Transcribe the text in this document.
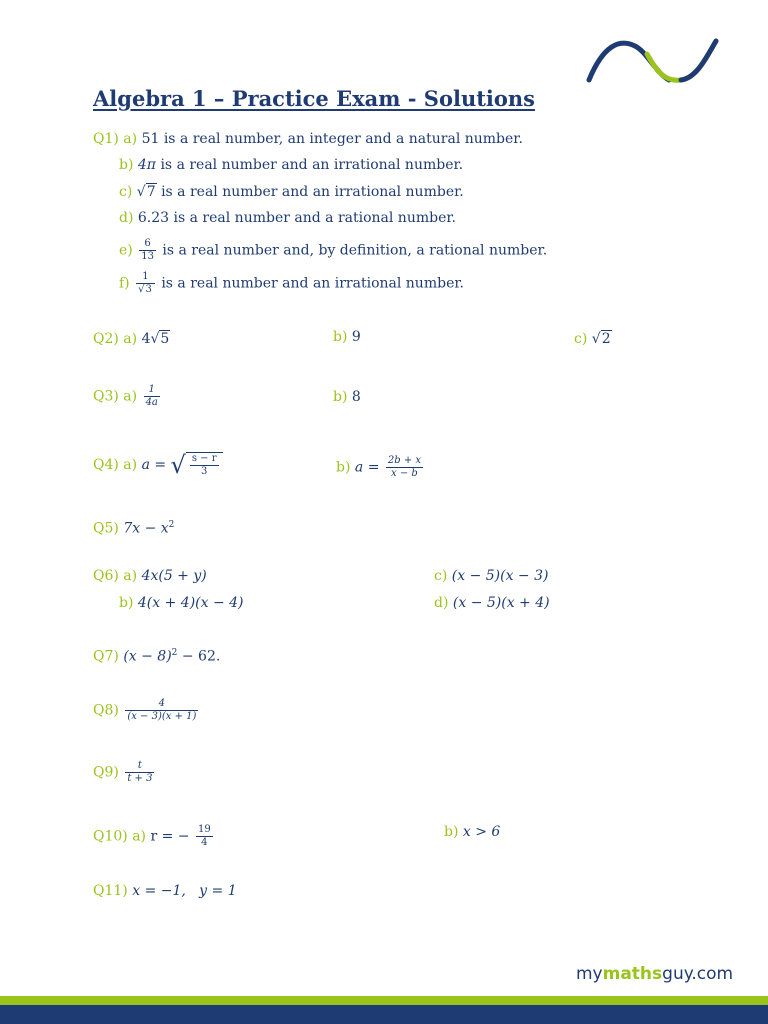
Algebra 1 – Practice Exam - Solutions
Q1) a) 51 is a real number, an integer and a natural number.
b) 4π is a real number and an irrational number.
c) √7 is a real number and an irrational number.
d) 6.23 is a real number and a rational number.
$e) \frac{6}{13}$ is a real number and, by definition, a rational number.
$f) \frac{1}{√3}$ is a real number and an irrational number.
Q2) a) 4√5	b) 9	c) √2
Q3) $a) \frac{1}{4a}$	b) 8
Q4) a) a = √ $\frac{s - r}{3}$	b) $a = \frac{2b + x}{x - b}$
Q5) $7x - x^2$
Q6) a) 4x(5 + y)
b) 4(x + 4)(x − 4)
c) (x − 5)(x − 3)
d) (x − 5)(x + 4)
Q7) $(x - 8)^2 - 62$.
$Q8) \frac{4}{(x - 3)(x + 1)}$
$Q9) \frac{t}{t + 3}$
Q10) a) r = − $\frac{19}{4}$	b) x > 6
Q11) x = −1,   y = 1
mymathsguy.com
